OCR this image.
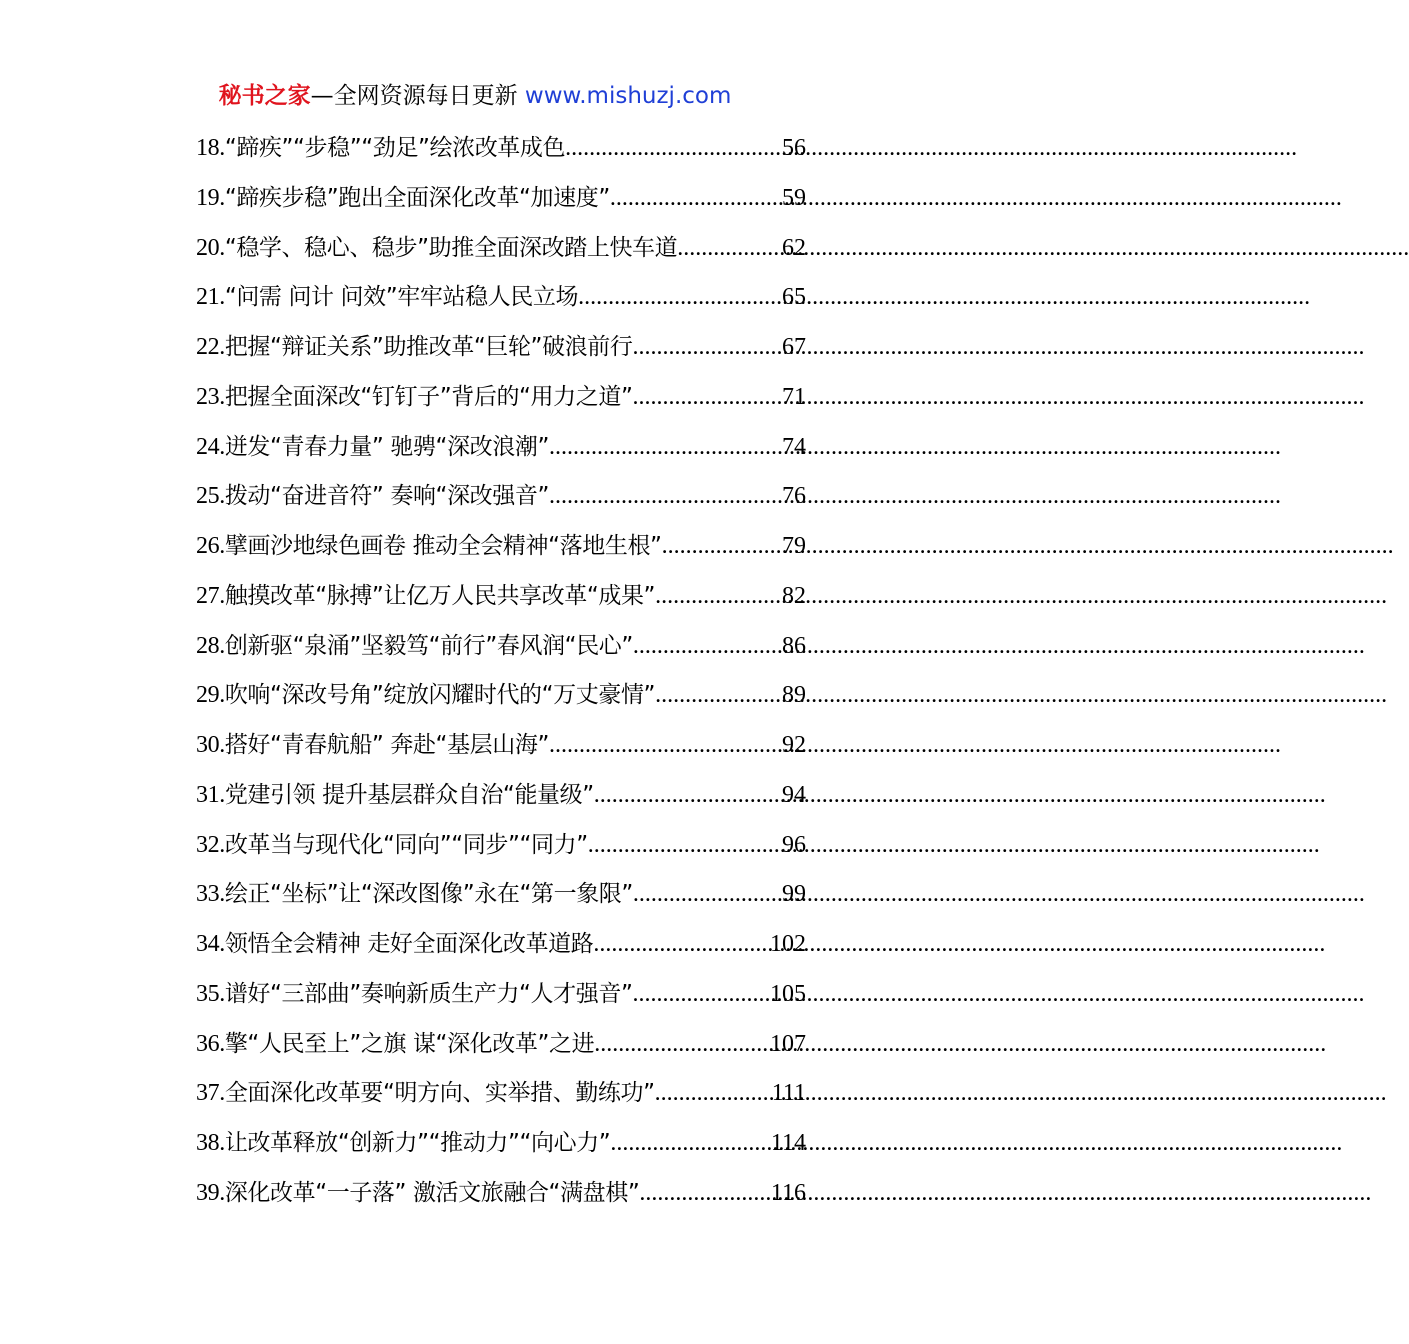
秘书之家—全网资源每日更新 www.mishuzj.com
18.“蹄疾”“步稳”“劲足”绘浓改革成色 .....	56
19.“蹄疾步稳”跑出全面深化改革“加速度” .....	59
20.“稳学、稳心、稳步”助推全面深改踏上快车道 .....	62
21.“问需 问计 问效”牢牢站稳人民立场 .....	65
22.把握“辩证关系”助推改革“巨轮”破浪前行 .....	67
23.把握全面深改“钉钉子”背后的“用力之道” .....	71
24.迸发“青春力量” 驰骋“深改浪潮” .....	74
25.拨动“奋进音符” 奏响“深改强音” .....	76
26.擘画沙地绿色画卷 推动全会精神“落地生根” .....	79
27.触摸改革“脉搏”让亿万人民共享改革“成果” .....	82
28.创新驱“泉涌”坚毅笃“前行”春风润“民心” .....	86
29.吹响“深改号角”绽放闪耀时代的“万丈豪情” .....	89
30.搭好“青春航船” 奔赴“基层山海” .....	92
31.党建引领 提升基层群众自治“能量级” .....	94
32.改革当与现代化“同向”“同步”“同力” .....	96
33.绘正“坐标”让“深改图像”永在“第一象限” .....	99
34.领悟全会精神 走好全面深化改革道路 .....	102
35.谱好“三部曲”奏响新质生产力“人才强音” .....	105
36.擎“人民至上”之旗 谋“深化改革”之进 .....	107
37.全面深化改革要“明方向、实举措、勤练功” .....	111
38.让改革释放“创新力”“推动力”“向心力” .....	114
39.深化改革“一子落” 激活文旅融合“满盘棋” .....	116
